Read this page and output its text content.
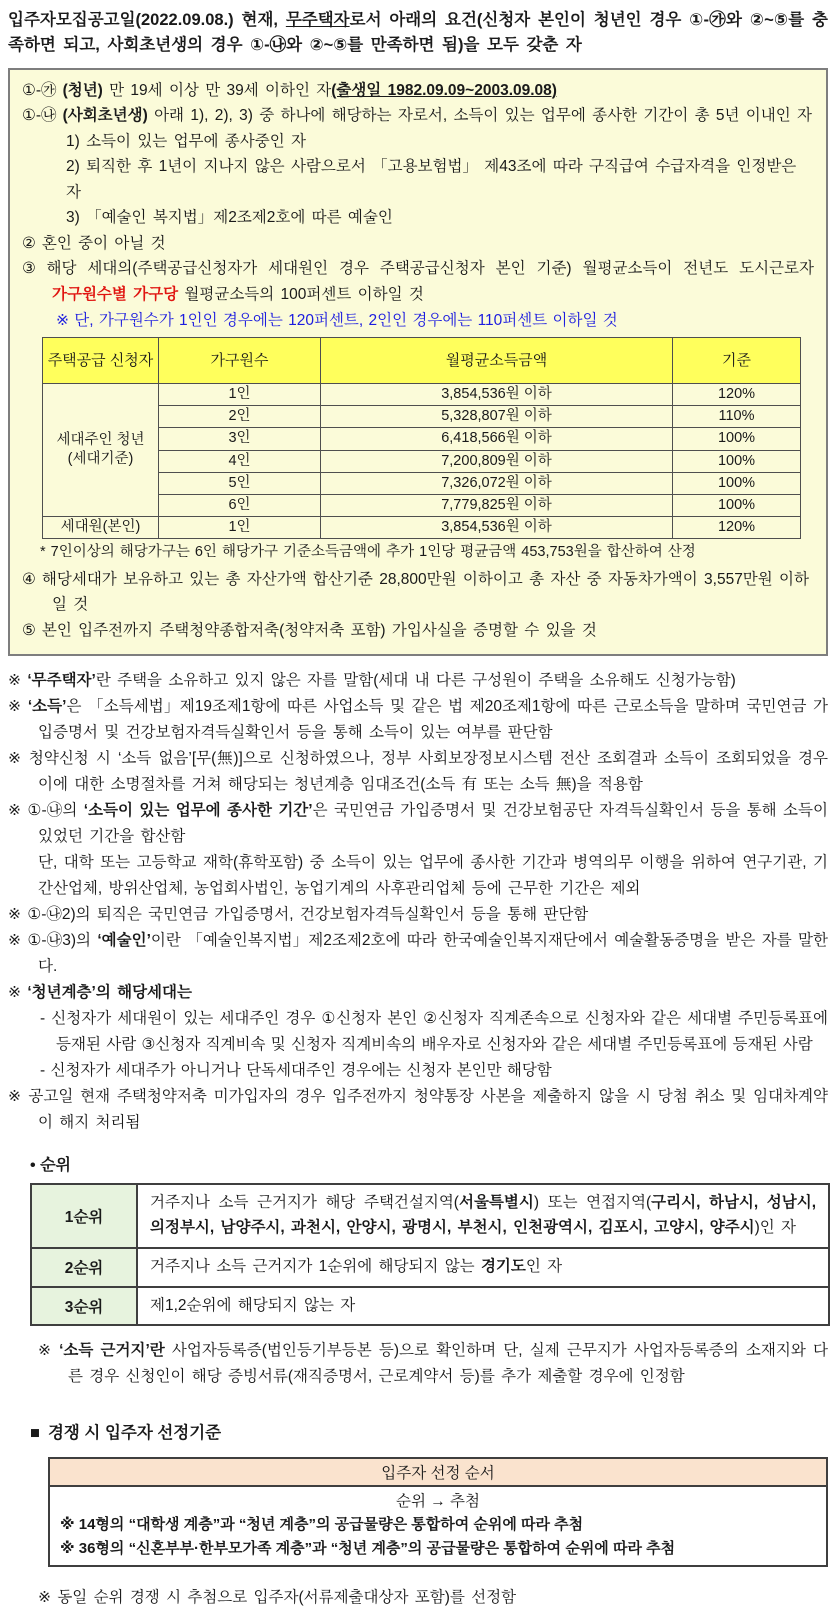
입주자모집공고일(2022.09.08.) 현재, 무주택자로서 아래의 요건(신청자 본인이 청년인 경우 ①-㉮와 ②~⑤를 충족하면 되고, 사회초년생의 경우 ①-㉯와 ②~⑤를 만족하면 됨)을 모두 갖춘 자

①-㉮ (청년) 만 19세 이상 만 39세 이하인 자(출생일 1982.09.09~2003.09.08)
①-㉯ (사회초년생) 아래 1), 2), 3) 중 하나에 해당하는 자로서, 소득이 있는 업무에 종사한 기간이 총 5년 이내인 자
1) 소득이 있는 업무에 종사중인 자
2) 퇴직한 후 1년이 지나지 않은 사람으로서 「고용보험법」 제43조에 따라 구직급여 수급자격을 인정받은 자
3) 「예술인 복지법」제2조제2호에 따른 예술인
② 혼인 중이 아닐 것
③ 해당 세대의(주택공급신청자가 세대원인 경우 주택공급신청자 본인 기준) 월평균소득이 전년도 도시근로자
가구원수별 가구당 월평균소득의 100퍼센트 이하일 것
※ 단, 가구원수가 1인인 경우에는 120퍼센트, 2인인 경우에는 110퍼센트 이하일 것
주택공급 신청자	가구원수	월평균소득금액	기준

세대주인 청년
(세대기준)	1인	3,854,536원 이하	120%
	2인	5,328,807원 이하	110%
	3인	6,418,566원 이하	100%
	4인	7,200,809원 이하	100%
	5인	7,326,072원 이하	100%
	6인	7,779,825원 이하	100%
세대원(본인)	1인	3,854,536원 이하	120%
* 7인이상의 해당가구는 6인 해당가구 기준소득금액에 추가 1인당 평균금액 453,753원을 합산하여 산정
④ 해당세대가 보유하고 있는 총 자산가액 합산기준 28,800만원 이하이고 총 자산 중 자동차가액이 3,557만원 이하 일 것
⑤ 본인 입주전까지 주택청약종합저축(청약저축 포함) 가입사실을 증명할 수 있을 것
※ ‘무주택자’란 주택을 소유하고 있지 않은 자를 말함(세대 내 다른 구성원이 주택을 소유해도 신청가능함)
※ ‘소득’은 「소득세법」제19조제1항에 따른 사업소득 및 같은 법 제20조제1항에 따른 근로소득을 말하며 국민연금 가입증명서 및 건강보험자격득실확인서 등을 통해 소득이 있는 여부를 판단함
※ 청약신청 시 ‘소득 없음’[무(無)]으로 신청하였으나, 정부 사회보장정보시스템 전산 조회결과 소득이 조회되었을 경우 이에 대한 소명절차를 거쳐 해당되는 청년계층 임대조건(소득 有 또는 소득 無)을 적용함
※ ①-㉯의 ‘소득이 있는 업무에 종사한 기간’은 국민연금 가입증명서 및 건강보험공단 자격득실확인서 등을 통해 소득이 있었던 기간을 합산함
단, 대학 또는 고등학교 재학(휴학포함) 중 소득이 있는 업무에 종사한 기간과 병역의무 이행을 위하여 연구기관, 기간산업체, 방위산업체, 농업회사법인, 농업기계의 사후관리업체 등에 근무한 기간은 제외
※ ①-㉯2)의 퇴직은 국민연금 가입증명서, 건강보험자격득실확인서 등을 통해 판단함
※ ①-㉯3)의 ‘예술인’이란 「예술인복지법」제2조제2호에 따라 한국예술인복지재단에서 예술활동증명을 받은 자를 말한다.
※ ‘청년계층’의 해당세대는
- 신청자가 세대원이 있는 세대주인 경우 ①신청자 본인 ②신청자 직계존속으로 신청자와 같은 세대별 주민등록표에 등재된 사람 ③신청자 직계비속 및 신청자 직계비속의 배우자로 신청자와 같은 세대별 주민등록표에 등재된 사람
- 신청자가 세대주가 아니거나 단독세대주인 경우에는 신청자 본인만 해당함
※ 공고일 현재 주택청약저축 미가입자의 경우 입주전까지 청약통장 사본을 제출하지 않을 시 당첨 취소 및 임대차계약이 해지 처리됨
• 순위
1순위	거주지나 소득 근거지가 해당 주택건설지역(서울특별시) 또는 연접지역(구리시, 하남시, 성남시, 의정부시, 남양주시, 과천시, 안양시, 광명시, 부천시, 인천광역시, 김포시, 고양시, 양주시)인 자
2순위	거주지나 소득 근거지가 1순위에 해당되지 않는 경기도인 자
3순위	제1,2순위에 해당되지 않는 자
※ ‘소득 근거지’란 사업자등록증(법인등기부등본 등)으로 확인하며 단, 실제 근무지가 사업자등록증의 소재지와 다른 경우 신청인이 해당 증빙서류(재직증명서, 근로계약서 등)를 추가 제출할 경우에 인정함
■ 경쟁 시 입주자 선정기준
입주자 선정 순서
순위 → 추첨
※ 14형의 “대학생 계층”과 “청년 계층”의 공급물량은 통합하여 순위에 따라 추첨
※ 36형의 “신혼부부·한부모가족 계층”과 “청년 계층”의 공급물량은 통합하여 순위에 따라 추첨
※ 동일 순위 경쟁 시 추첨으로 입주자(서류제출대상자 포함)를 선정함
